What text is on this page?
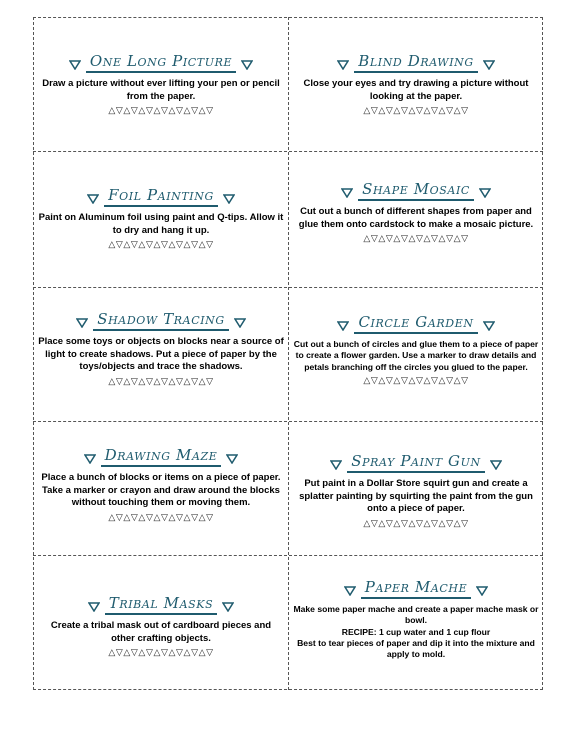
One Long Picture
Draw a picture without ever lifting your pen or pencil from the paper.
△▽△▽△▽△▽△▽△▽△▽
Blind Drawing
Close your eyes and try drawing a picture without looking at the paper.
△▽△▽△▽△▽△▽△▽△▽
Foil Painting
Paint on Aluminum foil using paint and Q-tips. Allow it to dry and hang it up.
△▽△▽△▽△▽△▽△▽△▽
Shape Mosaic
Cut out a bunch of different shapes from paper and glue them onto cardstock to make a mosaic picture.
△▽△▽△▽△▽△▽△▽△▽
Shadow Tracing
Place some toys or objects on blocks near a source of light to create shadows. Put a piece of paper by the toys/objects and trace the shadows.
△▽△▽△▽△▽△▽△▽△▽
Circle Garden
Cut out a bunch of circles and glue them to a piece of paper to create a flower garden. Use a marker to draw details and petals branching off the circles you glued to the paper.
△▽△▽△▽△▽△▽△▽△▽
Drawing Maze
Place a bunch of blocks or items on a piece of paper. Take a marker or crayon and draw around the blocks without touching them or moving them.
△▽△▽△▽△▽△▽△▽△▽
Spray Paint Gun
Put paint in a Dollar Store squirt gun and create a splatter painting by squirting the paint from the gun onto a piece of paper.
△▽△▽△▽△▽△▽△▽△▽
Tribal Masks
Create a tribal mask out of cardboard pieces and other crafting objects.
△▽△▽△▽△▽△▽△▽△▽
Paper Mache
Make some paper mache and create a paper mache mask or bowl.
RECIPE: 1 cup water and 1 cup flour
Best to tear pieces of paper and dip it into the mixture and apply to mold.
